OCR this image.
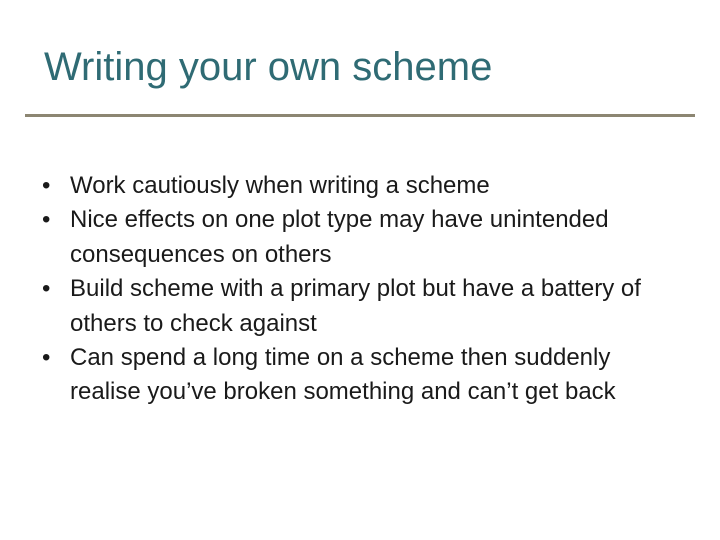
Writing your own scheme
• Work cautiously when writing a scheme
• Nice effects on one plot type may have unintended consequences on others
• Build scheme with a primary plot but have a battery of others to check against
• Can spend a long time on a scheme then suddenly realise you’ve broken something and can’t get back
